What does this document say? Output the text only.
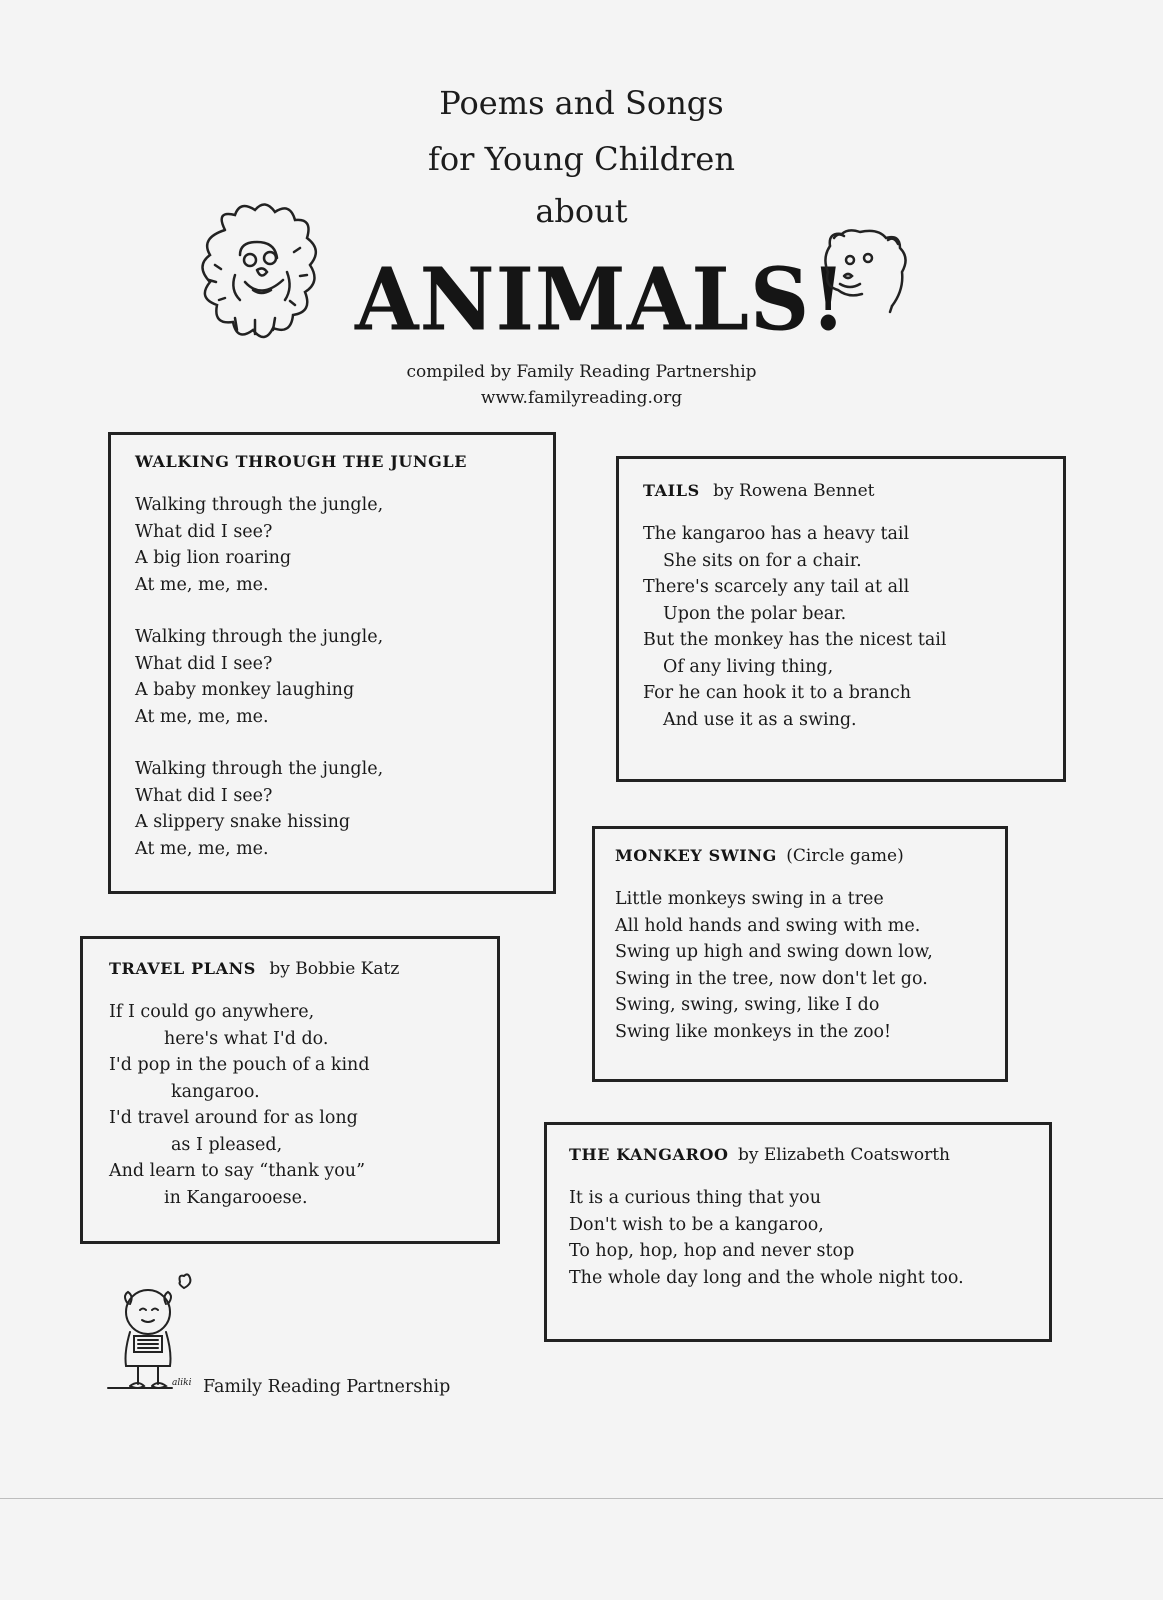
Poems and Songs
for Young Children
about
ANIMALS!
compiled by Family Reading Partnership
www.familyreading.org
WALKING THROUGH THE JUNGLE
Walking through the jungle,
What did I see?
A big lion roaring
At me, me, me.
Walking through the jungle,
What did I see?
A baby monkey laughing
At me, me, me.
Walking through the jungle,
What did I see?
A slippery snake hissing
At me, me, me.
TAILS by Rowena Bennet
The kangaroo has a heavy tail
She sits on for a chair.
There's scarcely any tail at all
Upon the polar bear.
But the monkey has the nicest tail
Of any living thing,
For he can hook it to a branch
And use it as a swing.
MONKEY SWING (Circle game)
Little monkeys swing in a tree
All hold hands and swing with me.
Swing up high and swing down low,
Swing in the tree, now don't let go.
Swing, swing, swing, like I do
Swing like monkeys in the zoo!
TRAVEL PLANS by Bobbie Katz
If I could go anywhere,
here's what I'd do.
I'd pop in the pouch of a kind
kangaroo.
I'd travel around for as long
as I pleased,
And learn to say “thank you”
in Kangarooese.
THE KANGAROO by Elizabeth Coatsworth
It is a curious thing that you
Don't wish to be a kangaroo,
To hop, hop, hop and never stop
The whole day long and the whole night too.
aliki Family Reading Partnership
